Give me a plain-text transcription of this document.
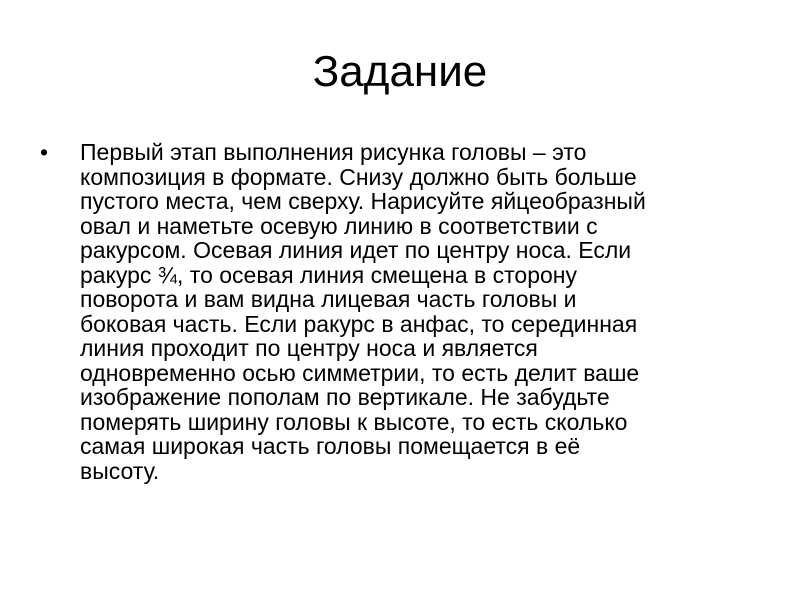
Задание
•	Первый этап выполнения рисунка головы – это
композиция в формате. Снизу должно быть больше
пустого места, чем сверху. Нарисуйте яйцеобразный
овал и наметьте осевую линию в соответствии с
ракурсом. Осевая линия идет по центру носа. Если
ракурс ¾, то осевая линия смещена в сторону
поворота и вам видна лицевая часть головы и
боковая часть. Если ракурс в анфас, то серединная
линия проходит по центру носа и является
одновременно осью симметрии, то есть делит ваше
изображение пополам по вертикале. Не забудьте
померять ширину головы к высоте, то есть сколько
самая широкая часть головы помещается в её
высоту.
